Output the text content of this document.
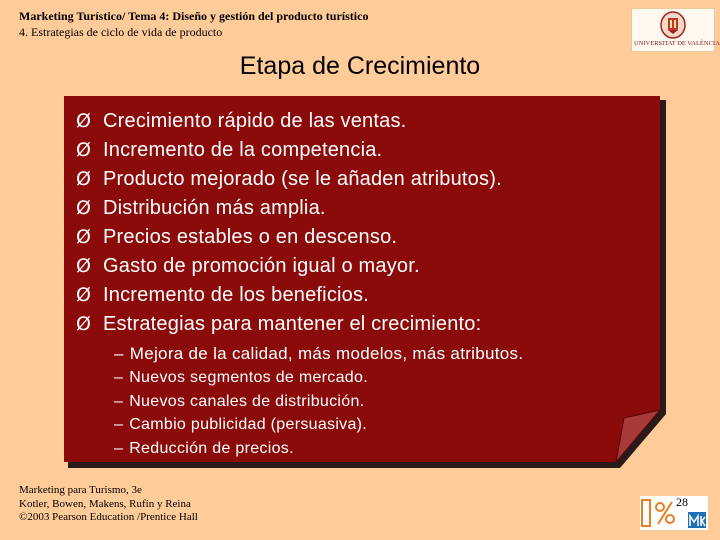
Marketing Turístico/ Tema 4: Diseño y gestión del producto turístico
4. Estrategias de ciclo de vida de producto
UNIVERSITAT DE VALÈNCIA
Etapa de Crecimiento
Ø Crecimiento rápido de las ventas.
Ø Incremento de la competencia.
Ø Producto mejorado (se le añaden atributos).
Ø Distribución más amplia.
Ø Precios estables o en descenso.
Ø Gasto de promoción igual o mayor.
Ø Incremento de los beneficios.
Ø Estrategias para mantener el crecimiento:
– Mejora de la calidad, más modelos, más atributos.
– Nuevos segmentos de mercado.
– Nuevos canales de distribución.
– Cambio publicidad (persuasiva).
– Reducción de precios.
Marketing para Turismo, 3e
Kotler, Bowen, Makens, Rufín y Reina
©2003 Pearson Education /Prentice Hall
28
